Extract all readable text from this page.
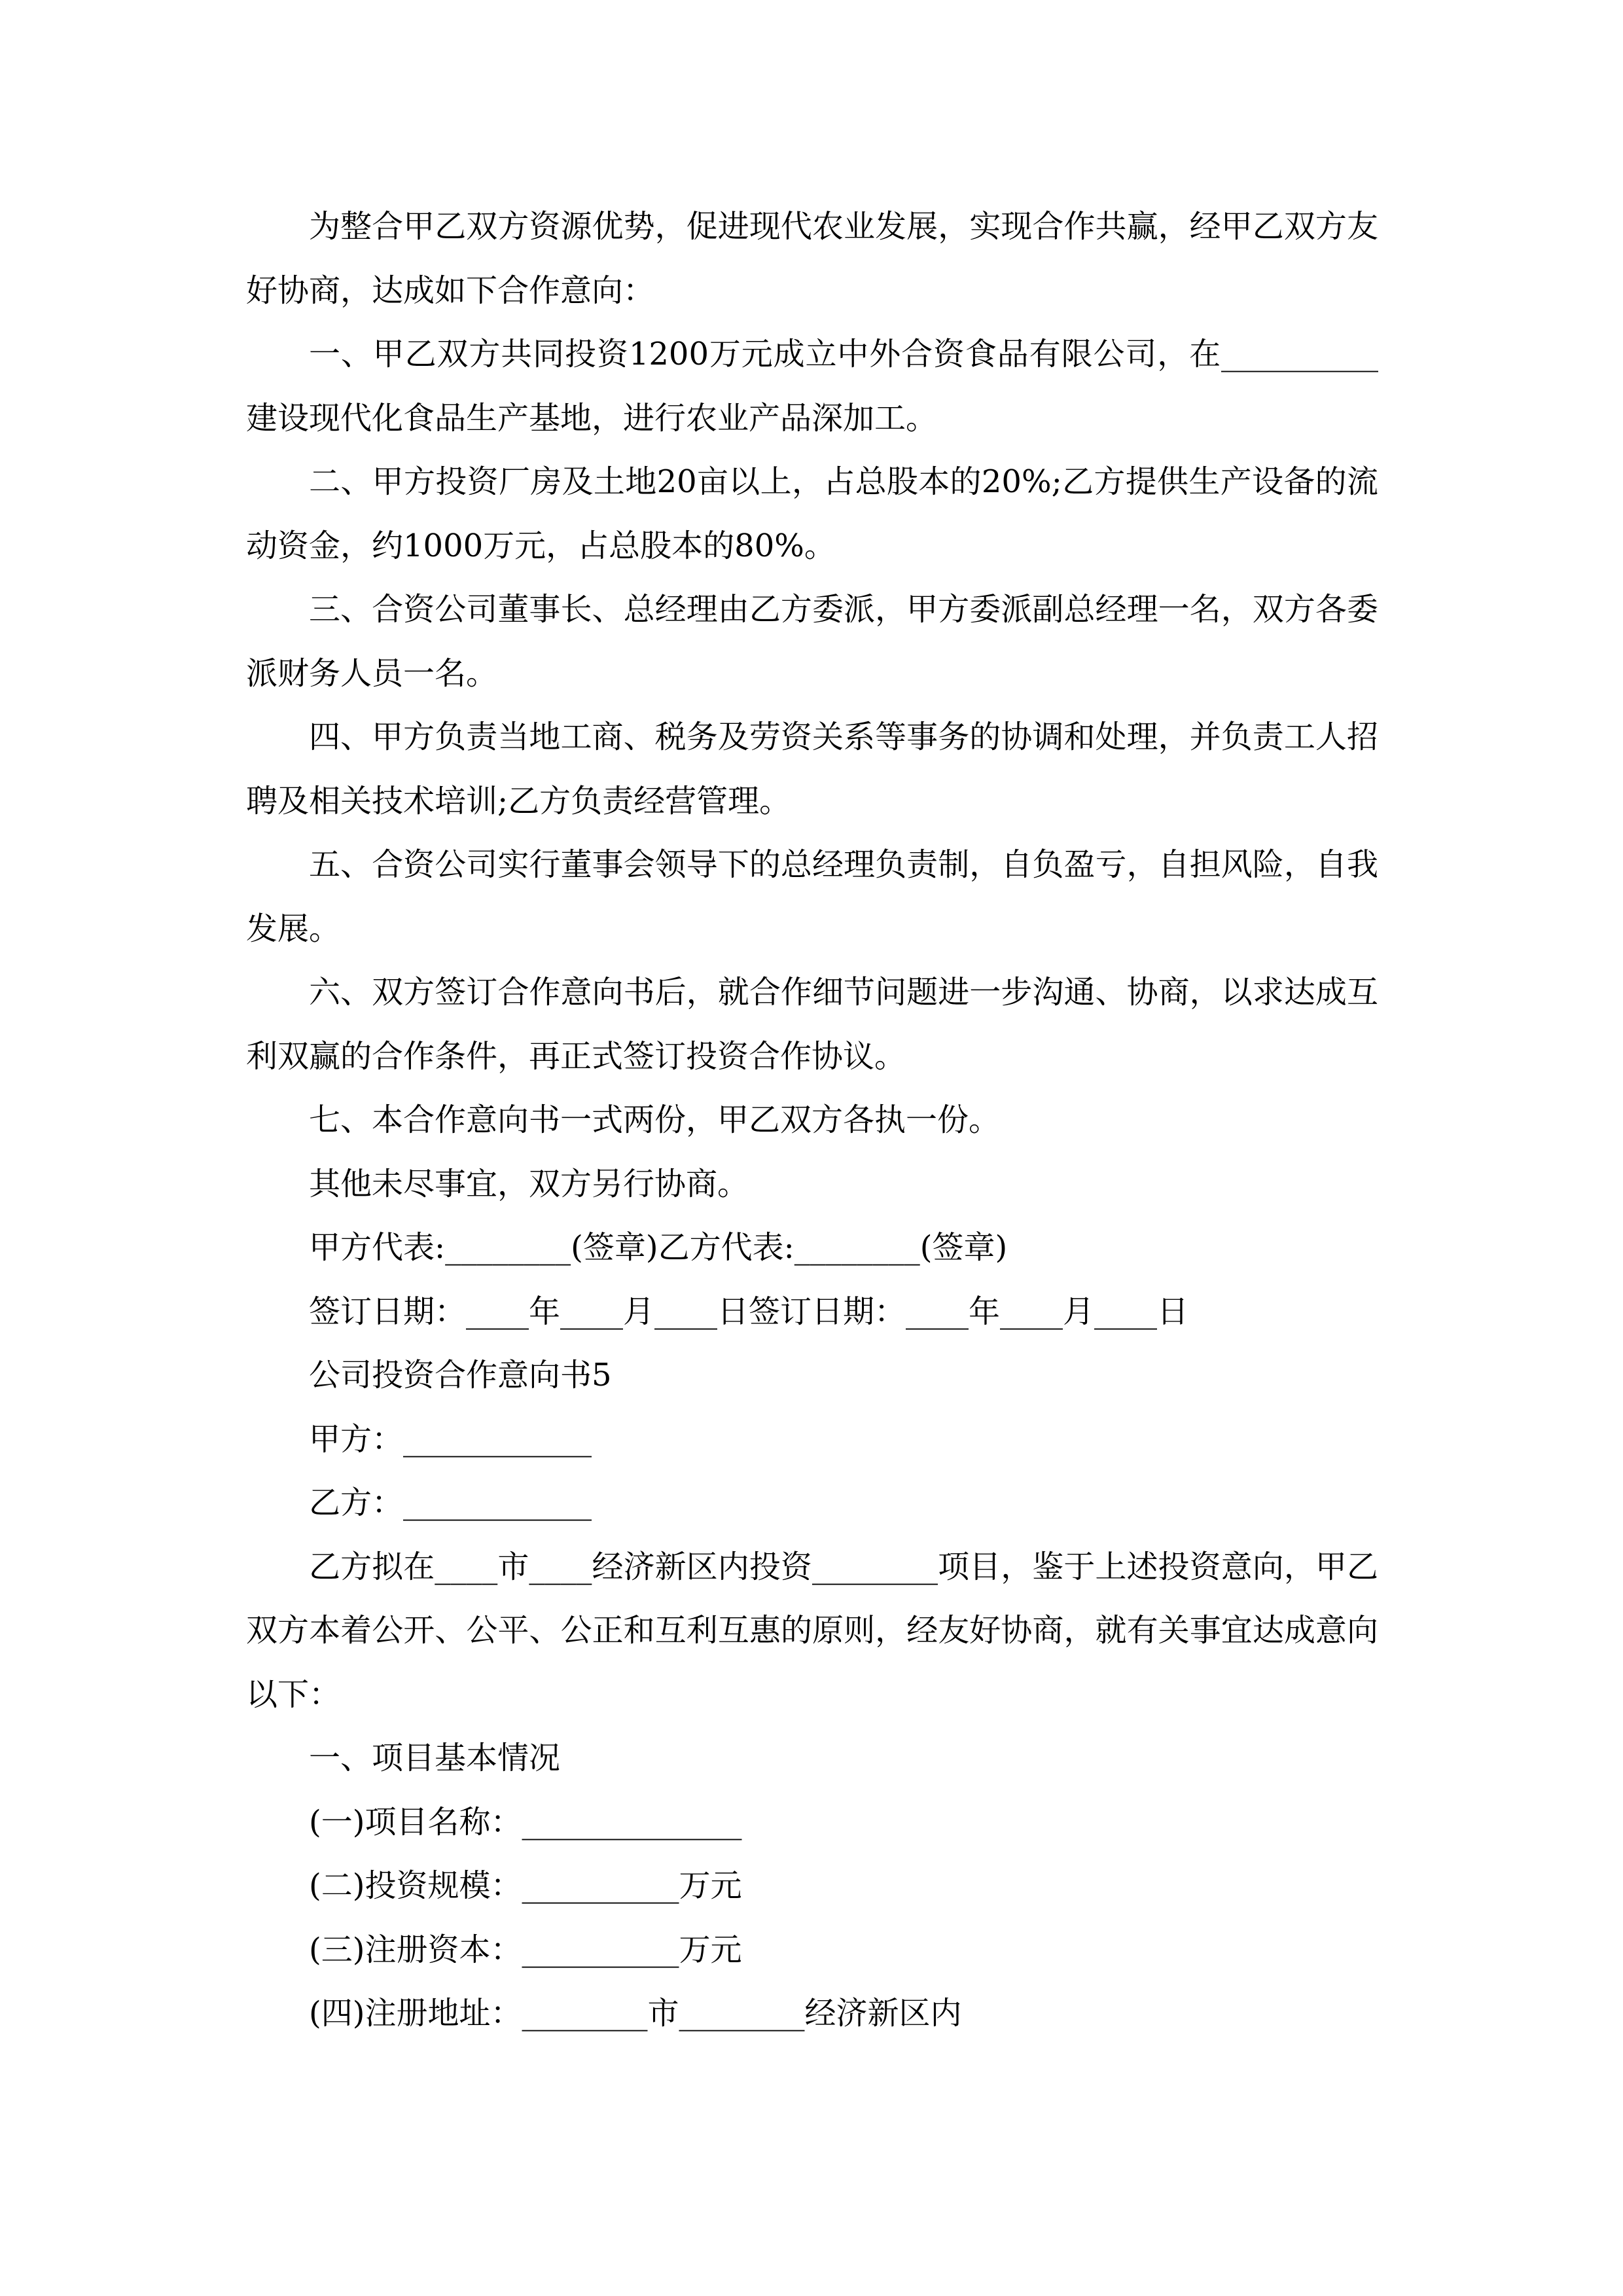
为整合甲乙双方资源优势，促进现代农业发展，实现合作共赢，经甲乙双方友好协商，达成如下合作意向：

一、甲乙双方共同投资1200万元成立中外合资食品有限公司，在__________建设现代化食品生产基地，进行农业产品深加工。

二、甲方投资厂房及土地20亩以上，占总股本的20%;乙方提供生产设备的流动资金，约1000万元，占总股本的80%。

三、合资公司董事长、总经理由乙方委派，甲方委派副总经理一名，双方各委派财务人员一名。

四、甲方负责当地工商、税务及劳资关系等事务的协调和处理，并负责工人招聘及相关技术培训;乙方负责经营管理。

五、合资公司实行董事会领导下的总经理负责制，自负盈亏，自担风险，自我发展。

六、双方签订合作意向书后，就合作细节问题进一步沟通、协商，以求达成互利双赢的合作条件，再正式签订投资合作协议。

七、本合作意向书一式两份，甲乙双方各执一份。

其他未尽事宜，双方另行协商。

甲方代表:________(签章)乙方代表:________(签章)

签订日期：____年____月____日签订日期：____年____月____日

公司投资合作意向书5

甲方：____________

乙方：____________

乙方拟在____市____经济新区内投资________项目，鉴于上述投资意向，甲乙双方本着公开、公平、公正和互利互惠的原则，经友好协商，就有关事宜达成意向以下：

一、项目基本情况

(一)项目名称：______________

(二)投资规模：__________万元

(三)注册资本：__________万元

(四)注册地址：________市________经济新区内
